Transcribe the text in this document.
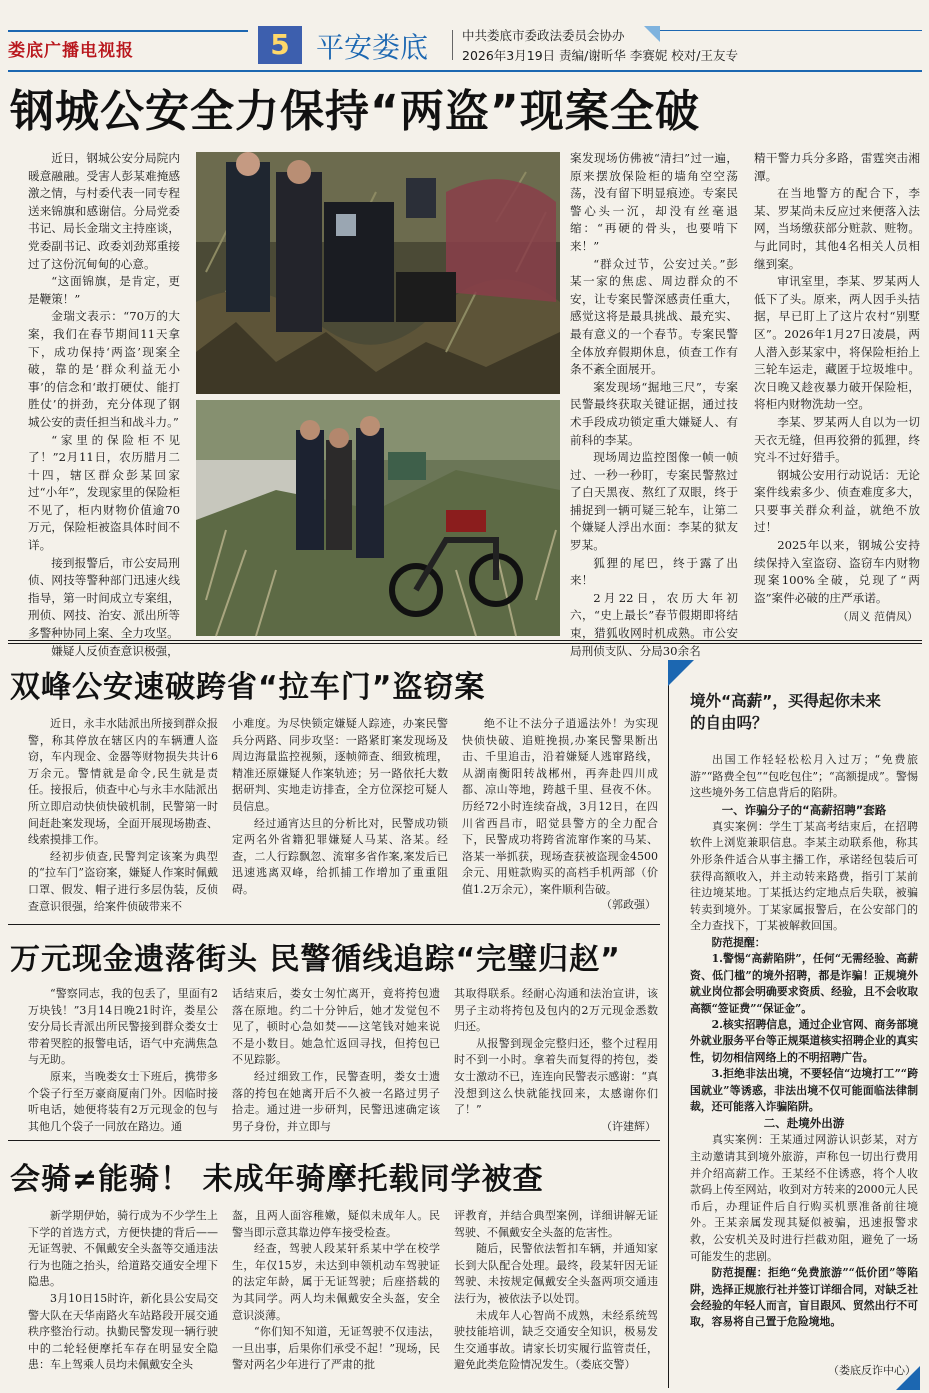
娄底广播电视报	5 平安娄底	中共娄底市委政法委员会协办
2026年3月19日 责编/谢昕华 李赛妮 校对/王友专
钢城公安全力保持“两盗”现案全破

近日，钢城公安分局院内暖意融融。受害人彭某难掩感激之情，与村委代表一同专程送来锦旗和感谢信。分局党委书记、局长金瑞文主持座谈，党委副书记、政委刘劲郑重接过了这份沉甸甸的心意。

“这面锦旗，是肯定，更是鞭策！”

金瑞文表示：“70万的大案，我们在春节期间11天拿下，成功保持‘两盗’现案全破，靠的是‘群众利益无小事’的信念和‘敢打硬仗、能打胜仗’的拼劲，充分体现了钢城公安的责任担当和战斗力。”

“家里的保险柜不见了！”2月11日，农历腊月二十四，辖区群众彭某回家过“小年”，发现家里的保险柜不见了，柜内财物价值逾70万元，保险柜被盗具体时间不详。

接到报警后，市公安局刑侦、网技等警种部门迅速火线指导，第一时间成立专案组，刑侦、网技、治安、派出所等多警种协同上案、全力攻坚。

嫌疑人反侦查意识极强，

案发现场仿佛被“清扫”过一遍，原来摆放保险柜的墙角空空荡荡，没有留下明显痕迹。专案民警心头一沉，却没有丝毫退缩：“再硬的骨头，也要啃下来！”

“群众过节，公安过关。”彭某一家的焦虑、周边群众的不安，让专案民警深感责任重大，感觉这将是最具挑战、最充实、最有意义的一个春节。专案民警全体放弃假期休息，侦查工作有条不紊全面展开。

案发现场“掘地三尺”，专案民警最终获取关键证据，通过技术手段成功锁定重大嫌疑人、有前科的李某。

现场周边监控图像一帧一帧过、一秒一秒盯，专案民警熬过了白天黑夜、熬红了双眼，终于捕捉到一辆可疑三轮车，让第二个嫌疑人浮出水面：李某的狱友罗某。

狐狸的尾巴，终于露了出来！

2月22日，农历大年初六，“史上最长”春节假期即将结束，猎狐收网时机成熟。市公安局刑侦支队、分局30余名

精干警力兵分多路，雷霆突击湘潭。

在当地警方的配合下，李某、罗某尚未反应过来便落入法网，当场缴获部分赃款、赃物。与此同时，其他4名相关人员相继到案。

审讯室里，李某、罗某两人低下了头。原来，两人因手头拮据，早已盯上了这片农村“别墅区”。2026年1月27日凌晨，两人潜入彭某家中，将保险柜抬上三轮车运走，藏匿于垃圾堆中。次日晚又趁夜暴力破开保险柜，将柜内财物洗劫一空。

李某、罗某两人自以为一切天衣无缝，但再狡猾的狐狸，终究斗不过好猎手。

钢城公安用行动说话：无论案件线索多少、侦查难度多大，只要事关群众利益，就绝不放过！

2025年以来，钢城公安持续保持入室盗窃、盗窃车内财物现案100%全破，兑现了“两盗”案件必破的庄严承诺。

（周义 范倩凤）
双峰公安速破跨省“拉车门”盗窃案

近日，永丰水陆派出所接到群众报警，称其停放在辖区内的车辆遭人盗窃，车内现金、金器等财物损失共计6万余元。警情就是命令,民生就是责任。接报后，侦查中心与永丰水陆派出所立即启动快侦快破机制，民警第一时间赶赴案发现场，全面开展现场勘查、线索摸排工作。

经初步侦查,民警判定该案为典型的“拉车门”盗窃案，嫌疑人作案时佩戴口罩、假发、帽子进行多层伪装，反侦查意识很强，给案件侦破带来不

小难度。为尽快锁定嫌疑人踪迹，办案民警兵分两路、同步攻坚：一路紧盯案发现场及周边海量监控视频，逐帧筛查、细致梳理，精准还原嫌疑人作案轨迹；另一路依托大数据研判、实地走访排查，全方位深挖可疑人员信息。

经过通宵达旦的分析比对，民警成功锁定两名外省籍犯罪嫌疑人马某、洛某。经查，二人行踪飘忽、流窜多省作案,案发后已迅速逃离双峰，给抓捕工作增加了重重阻碍。

绝不让不法分子逍遥法外！为实现快侦快破、追赃挽损,办案民警果断出击、千里追击，沿着嫌疑人逃窜路线，从湖南衡阳转战郴州，再奔赴四川成都、凉山等地，跨越千里、昼夜不休。历经72小时连续奋战，3月12日，在四川省西昌市，昭觉县警方的全力配合下，民警成功将跨省流窜作案的马某、洛某一举抓获，现场查获被盗现金4500余元、用赃款购买的高档手机两部（价值1.2万余元），案件顺利告破。

（郭政强）
万元现金遗落街头 民警循线追踪“完璧归赵”

“警察同志，我的包丢了，里面有2万块钱！”3月14日晚21时许，娄星公安分局长青派出所民警接到群众娄女士带着哭腔的报警电话，语气中充满焦急与无助。

原来，当晚娄女士下班后，携带多个袋子行至万豪商厦南门外。因临时接听电话，她便将装有2万元现金的包与其他几个袋子一同放在路边。通

话结束后，娄女士匆忙离开，竟将挎包遗落在原地。约二十分钟后，她才发觉包不见了，顿时心急如焚——这笔钱对她来说不是小数目。她急忙返回寻找，但挎包已不见踪影。

经过细致工作，民警查明，娄女士遗落的挎包在她离开后不久被一名路过男子拾走。通过进一步研判，民警迅速确定该男子身份，并立即与

其取得联系。经耐心沟通和法治宣讲，该男子主动将挎包及包内的2万元现金悉数归还。

从报警到现金完整归还，整个过程用时不到一小时。拿着失而复得的挎包，娄女士激动不已，连连向民警表示感谢：“真没想到这么快就能找回来，太感谢你们了！”

（许建辉）
会骑≠能骑！ 未成年骑摩托载同学被查

新学期伊始，骑行成为不少学生上下学的首选方式，方便快捷的背后——无证驾驶、不佩戴安全头盔等交通违法行为也随之抬头，给道路交通安全埋下隐患。

3月10日15时许，新化县公安局交警大队在天华南路火车站路段开展交通秩序整治行动。执勤民警发现一辆行驶中的二轮轻便摩托车存在明显安全隐患：车上驾乘人员均未佩戴安全头

盔，且两人面容稚嫩，疑似未成年人。民警当即示意其靠边停车接受检查。

经查，驾驶人段某轩系某中学在校学生，年仅15岁，未达到申领机动车驾驶证的法定年龄，属于无证驾驶；后座搭载的为其同学。两人均未佩戴安全头盔，安全意识淡薄。

“你们知不知道，无证驾驶不仅违法，一旦出事，后果你们承受不起！”现场，民警对两名少年进行了严肃的批

评教育，并结合典型案例，详细讲解无证驾驶、不佩戴安全头盔的危害性。

随后，民警依法暂扣车辆，并通知家长到大队配合处理。最终，段某轩因无证驾驶、未按规定佩戴安全头盔两项交通违法行为，被依法予以处罚。

未成年人心智尚不成熟，未经系统驾驶技能培训，缺乏交通安全知识，极易发生交通事故。请家长切实履行监管责任，避免此类危险情况发生。（娄底交警）

境外“高薪”，买得起你未来
的自由吗？

出国工作轻轻松松月入过万；“免费旅游”“路费全包”“包吃包住”；“高额提成”。警惕这些境外务工信息背后的陷阱。

一、诈骗分子的“高薪招聘”套路

真实案例：学生丁某高考结束后，在招聘软件上浏览兼职信息。李某主动联系他，称其外形条件适合从事主播工作，承诺经包装后可获得高额收入，并主动转来路费，指引丁某前往边境某地。丁某抵达约定地点后失联，被骗转卖到境外。丁某家属报警后，在公安部门的全力查找下，丁某被解救回国。

防范提醒：

1.警惕“高薪陷阱”，任何“无需经验、高薪资、低门槛”的境外招聘，都是诈骗！正规境外就业岗位都会明确要求资质、经验，且不会收取高额“签证费”“保证金”。

2.核实招聘信息，通过企业官网、商务部境外就业服务平台等正规渠道核实招聘企业的真实性，切勿相信网络上的不明招聘广告。

3.拒绝非法出境，不要轻信“边境打工”“跨国就业”等诱惑，非法出境不仅可能面临法律制裁，还可能落入诈骗陷阱。

二、赴境外出游

真实案例：王某通过网游认识彭某，对方主动邀请其到境外旅游，声称包一切出行费用并介绍高薪工作。王某经不住诱惑，将个人收款码上传至网站，收到对方转来的2000元人民币后，办理证件后自行购买机票准备前往境外。王某亲属发现其疑似被骗，迅速报警求救，公安机关及时进行拦截劝阻，避免了一场可能发生的悲剧。

防范提醒：拒绝“免费旅游”“低价团”等陷阱，选择正规旅行社并签订详细合同，对缺乏社会经验的年轻人而言，盲目跟风、贸然出行不可取，容易将自己置于危险境地。

（娄底反诈中心）
